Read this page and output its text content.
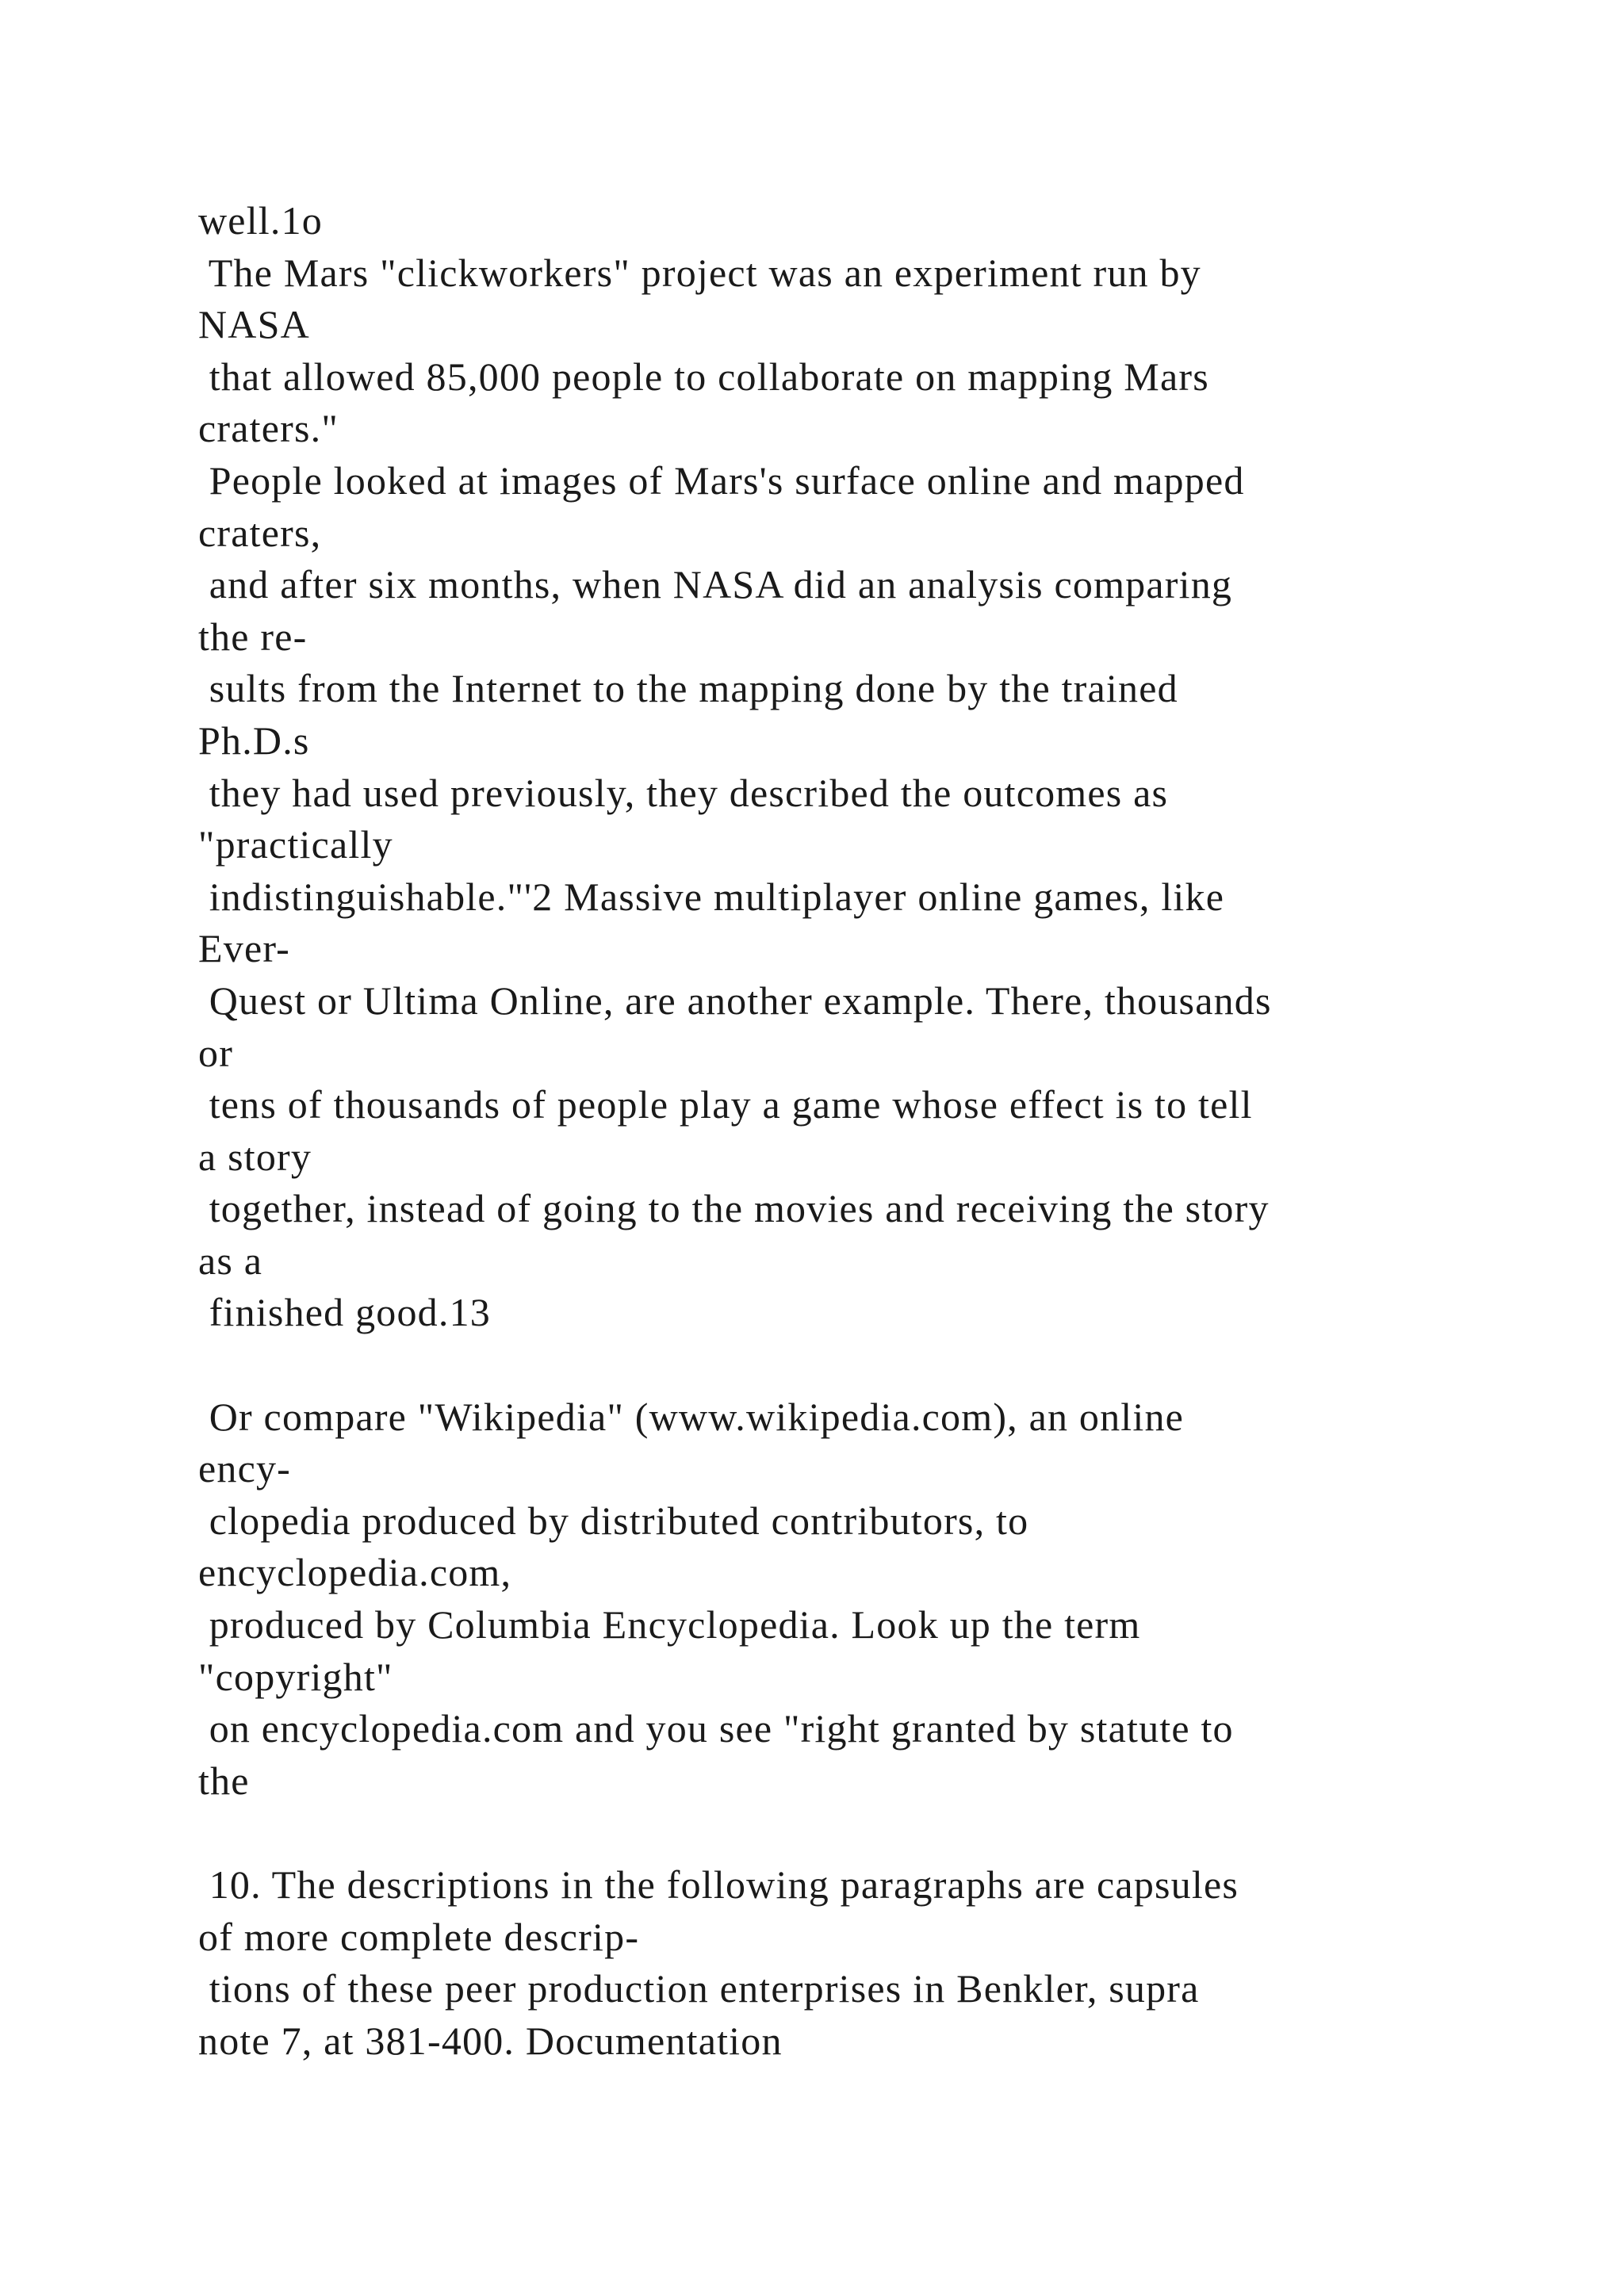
well.1o
The Mars "clickworkers" project was an experiment run by
NASA
that allowed 85,000 people to collaborate on mapping Mars
craters."
People looked at images of Mars's surface online and mapped
craters,
and after six months, when NASA did an analysis comparing
the re-
sults from the Internet to the mapping done by the trained
Ph.D.s
they had used previously, they described the outcomes as
"practically
indistinguishable."'2 Massive multiplayer online games, like
Ever-
Quest or Ultima Online, are another example. There, thousands
or
tens of thousands of people play a game whose effect is to tell
a story
together, instead of going to the movies and receiving the story
as a
finished good.13
Or compare "Wikipedia" (www.wikipedia.com), an online
ency-
clopedia produced by distributed contributors, to
encyclopedia.com,
produced by Columbia Encyclopedia. Look up the term
"copyright"
on encyclopedia.com and you see "right granted by statute to
the
10. The descriptions in the following paragraphs are capsules
of more complete descrip-
tions of these peer production enterprises in Benkler, supra
note 7, at 381-400. Documentation
